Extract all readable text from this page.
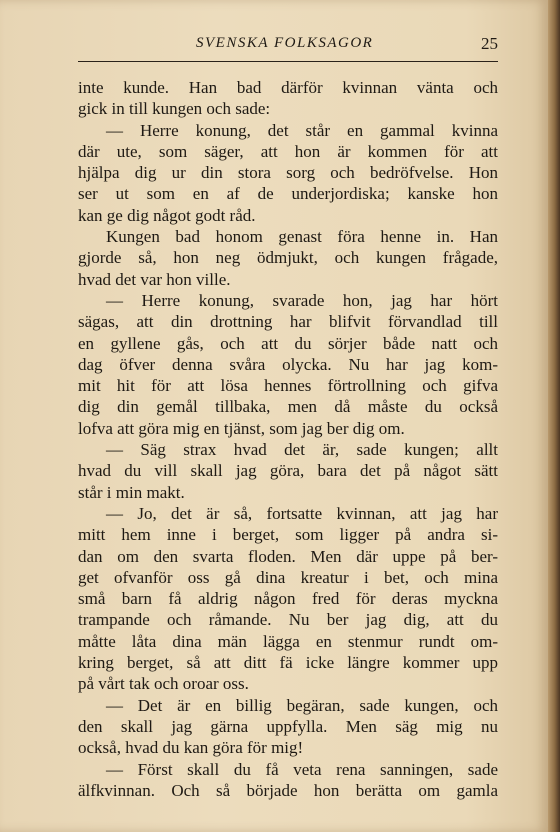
SVENSKA FOLKSAGOR	25
inte kunde. Han bad därför kvinnan vänta och
gick in till kungen och sade:
— Herre konung, det står en gammal kvinna
där ute, som säger, att hon är kommen för att
hjälpa dig ur din stora sorg och bedröfvelse. Hon
ser ut som en af de underjordiska; kanske hon
kan ge dig något godt råd.
Kungen bad honom genast föra henne in. Han
gjorde så, hon neg ödmjukt, och kungen frågade,
hvad det var hon ville.
— Herre konung, svarade hon, jag har hört
sägas, att din drottning har blifvit förvandlad till
en gyllene gås, och att du sörjer både natt och
dag öfver denna svåra olycka. Nu har jag kom-
mit hit för att lösa hennes förtrollning och gifva
dig din gemål tillbaka, men då måste du också
lofva att göra mig en tjänst, som jag ber dig om.
— Säg strax hvad det är, sade kungen; allt
hvad du vill skall jag göra, bara det på något sätt
står i min makt.
— Jo, det är så, fortsatte kvinnan, att jag har
mitt hem inne i berget, som ligger på andra si-
dan om den svarta floden. Men där uppe på ber-
get ofvanför oss gå dina kreatur i bet, och mina
små barn få aldrig någon fred för deras myckna
trampande och råmande. Nu ber jag dig, att du
måtte låta dina män lägga en stenmur rundt om-
kring berget, så att ditt fä icke längre kommer upp
på vårt tak och oroar oss.
— Det är en billig begäran, sade kungen, och
den skall jag gärna uppfylla. Men säg mig nu
också, hvad du kan göra för mig!
— Först skall du få veta rena sanningen, sade
älfkvinnan. Och så började hon berätta om gamla
